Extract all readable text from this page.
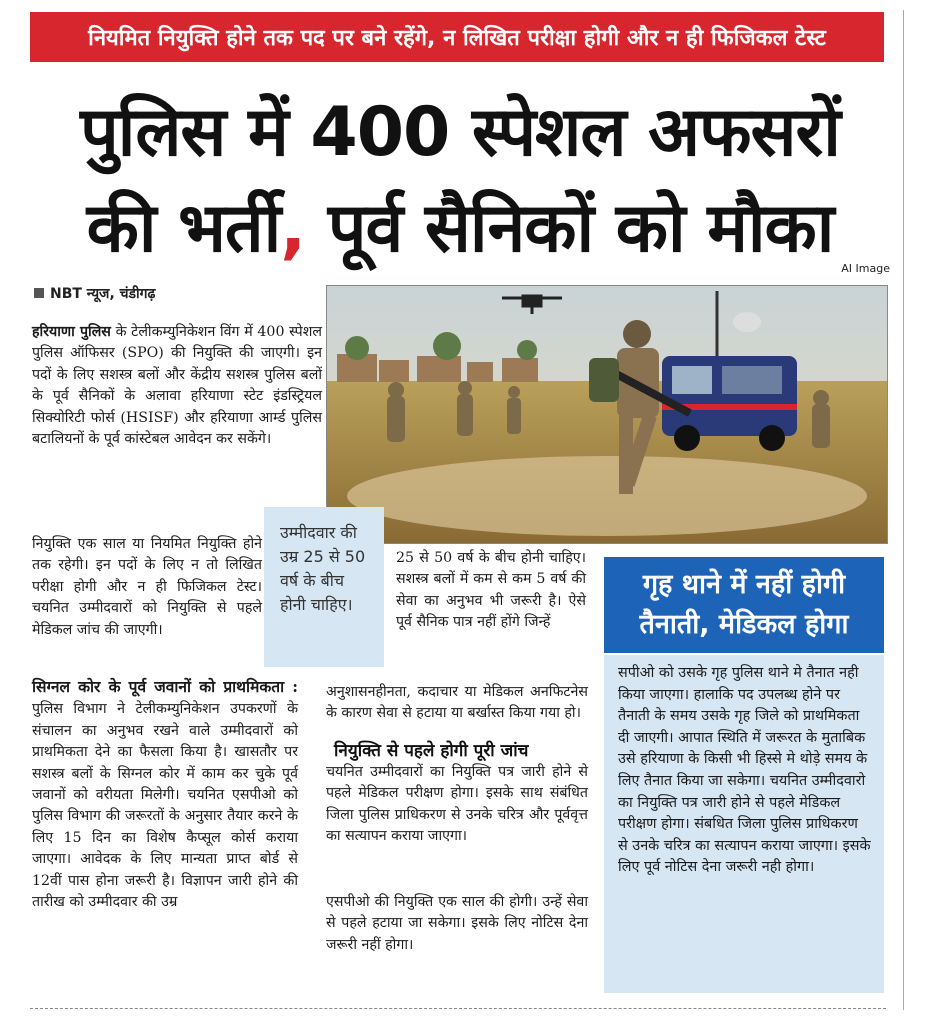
नियमित नियुक्ति होने तक पद पर बने रहेंगे, न लिखित परीक्षा होगी और न ही फिजिकल टेस्ट
पुलिस में 400 स्पेशल अफसरों
की भर्ती, पूर्व सैनिकों को मौका
AI Image
NBT न्यूज, चंडीगढ़
हरियाणा पुलिस के टेलीकम्युनिकेशन विंग में 400 स्पेशल पुलिस ऑफिसर (SPO) की नियुक्ति की जाएगी। इन पदों के लिए सशस्त्र बलों और केंद्रीय सशस्त्र पुलिस बलों के पूर्व सैनिकों के अलावा हरियाणा स्टेट इंडस्ट्रियल सिक्योरिटी फोर्स (HSISF) और हरियाणा आर्म्ड पुलिस बटालियनों के पूर्व कांस्टेबल आवेदन कर सकेंगे।
नियुक्ति एक साल या नियमित नियुक्ति होने तक रहेगी। इन पदों के लिए न तो लिखित परीक्षा होगी और न ही फिजिकल टेस्ट। चयनित उम्मीदवारों को नियुक्ति से पहले मेडिकल जांच की जाएगी।
सिग्नल कोर के पूर्व जवानों को प्राथमिकता : पुलिस विभाग ने टेलीकम्युनिकेशन उपकरणों के संचालन का अनुभव रखने वाले उम्मीदवारों को प्राथमिकता देने का फैसला किया है। खासतौर पर सशस्त्र बलों के सिग्नल कोर में काम कर चुके पूर्व जवानों को वरीयता मिलेगी। चयनित एसपीओ को पुलिस विभाग की जरूरतों के अनुसार तैयार करने के लिए 15 दिन का विशेष कैप्सूल कोर्स कराया जाएगा। आवेदक के लिए मान्यता प्राप्त बोर्ड से 12वीं पास होना जरूरी है। विज्ञापन जारी होने की तारीख को उम्मीदवार की उम्र
उम्मीदवार की उम्र 25 से 50 वर्ष के बीच होनी चाहिए।
25 से 50 वर्ष के बीच होनी चाहिए। सशस्त्र बलों में कम से कम 5 वर्ष की सेवा का अनुभव भी जरूरी है। ऐसे पूर्व सैनिक पात्र नहीं होंगे जिन्हें
अनुशासनहीनता, कदाचार या मेडिकल अनफिटनेस के कारण सेवा से हटाया या बर्खास्त किया गया हो।
नियुक्ति से पहले होगी पूरी जांच
चयनित उम्मीदवारों का नियुक्ति पत्र जारी होने से पहले मेडिकल परीक्षण होगा। इसके साथ संबंधित जिला पुलिस प्राधिकरण से उनके चरित्र और पूर्ववृत्त का सत्यापन कराया जाएगा।
एसपीओ की नियुक्ति एक साल की होगी। उन्हें सेवा से पहले हटाया जा सकेगा। इसके लिए नोटिस देना जरूरी नहीं होगा।
गृह थाने में नहीं होगी तैनाती, मेडिकल होगा
सपीओ को उसके गृह पुलिस थाने मे तैनात नही किया जाएगा। हालाकि पद उपलब्ध होने पर तैनाती के समय उसके गृह जिले को प्राथमिकता दी जाएगी। आपात स्थिति में जरूरत के मुताबिक उसे हरियाणा के किसी भी हिस्से मे थोड़े समय के लिए तैनात किया जा सकेगा। चयनित उम्मीदवारो का नियुक्ति पत्र जारी होने से पहले मेडिकल परीक्षण होगा। संबधित जिला पुलिस प्राधिकरण से उनके चरित्र का सत्यापन कराया जाएगा। इसके लिए पूर्व नोटिस देना जरूरी नही होगा।
